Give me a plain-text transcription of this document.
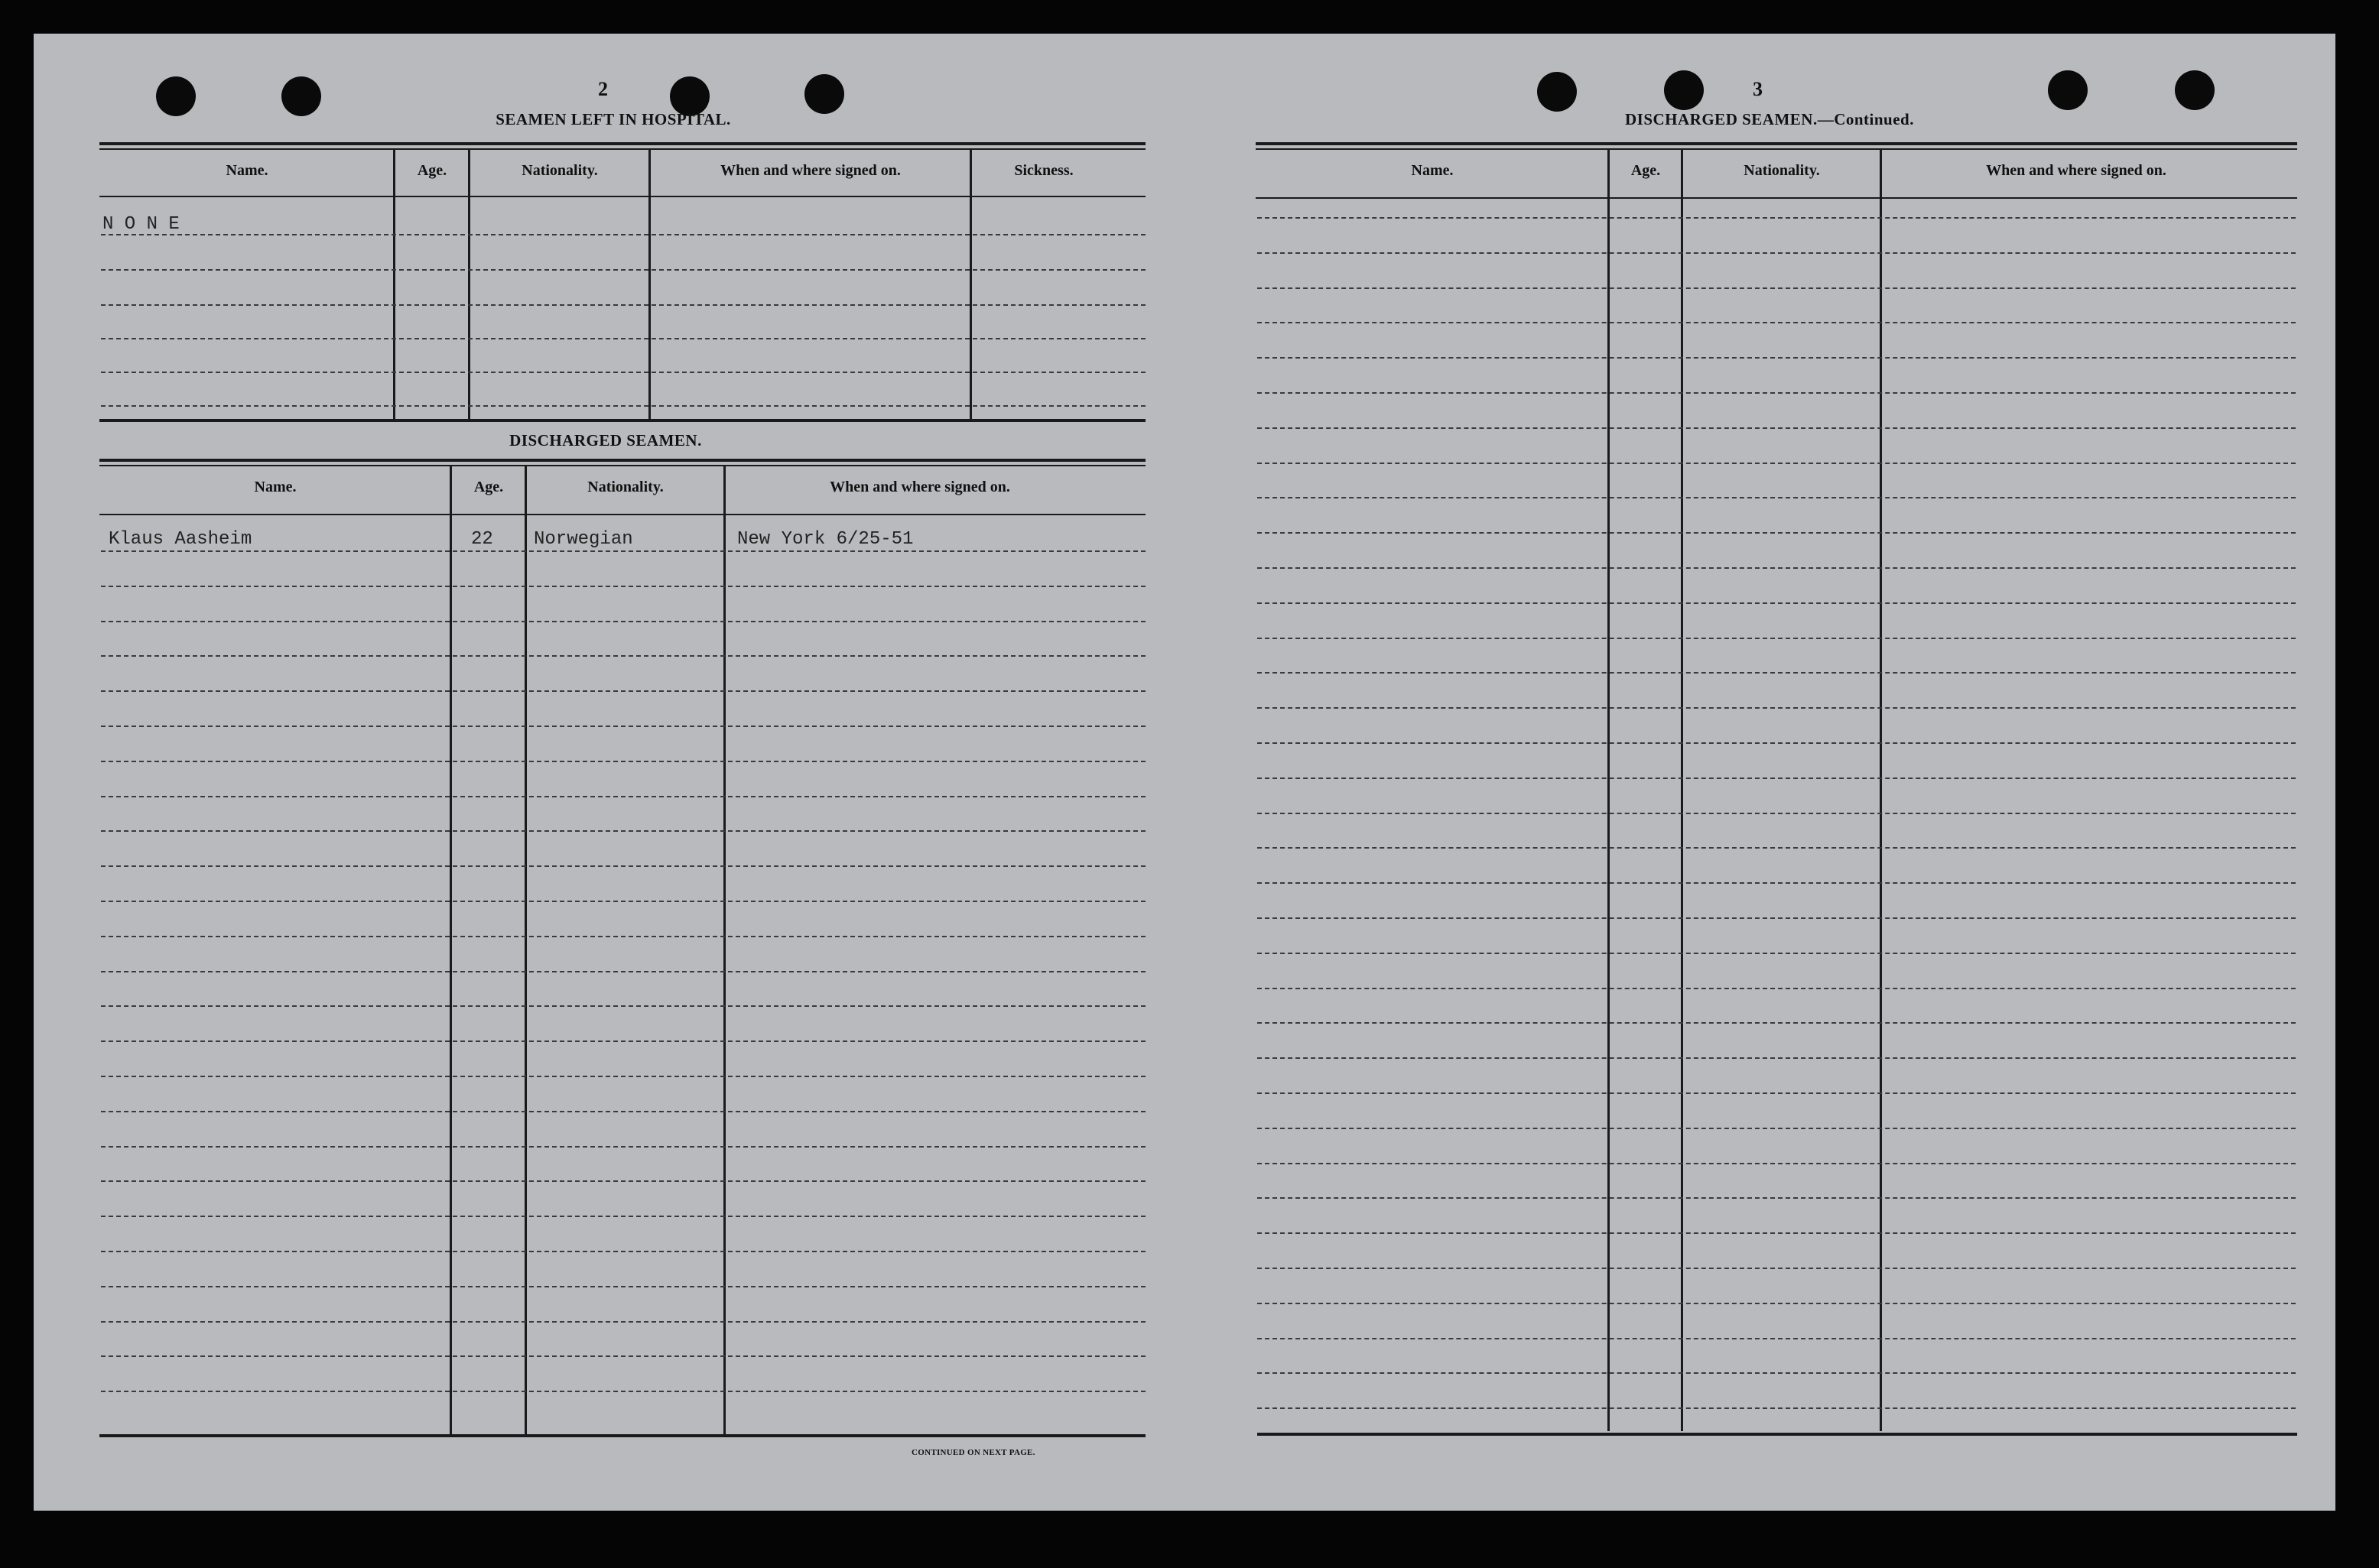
2
SEAMEN LEFT IN HOSPITAL.
Name.	Age.	Nationality.	When and where signed on.	Sickness.
N O N E
DISCHARGED SEAMEN.
Name.	Age.	Nationality.	When and where signed on.
Klaus Aasheim	22 Norwegian	New York 6/25-51
CONTINUED ON NEXT PAGE.
3
DISCHARGED SEAMEN.—Continued.
Name.	Age.	Nationality.	When and where signed on.
